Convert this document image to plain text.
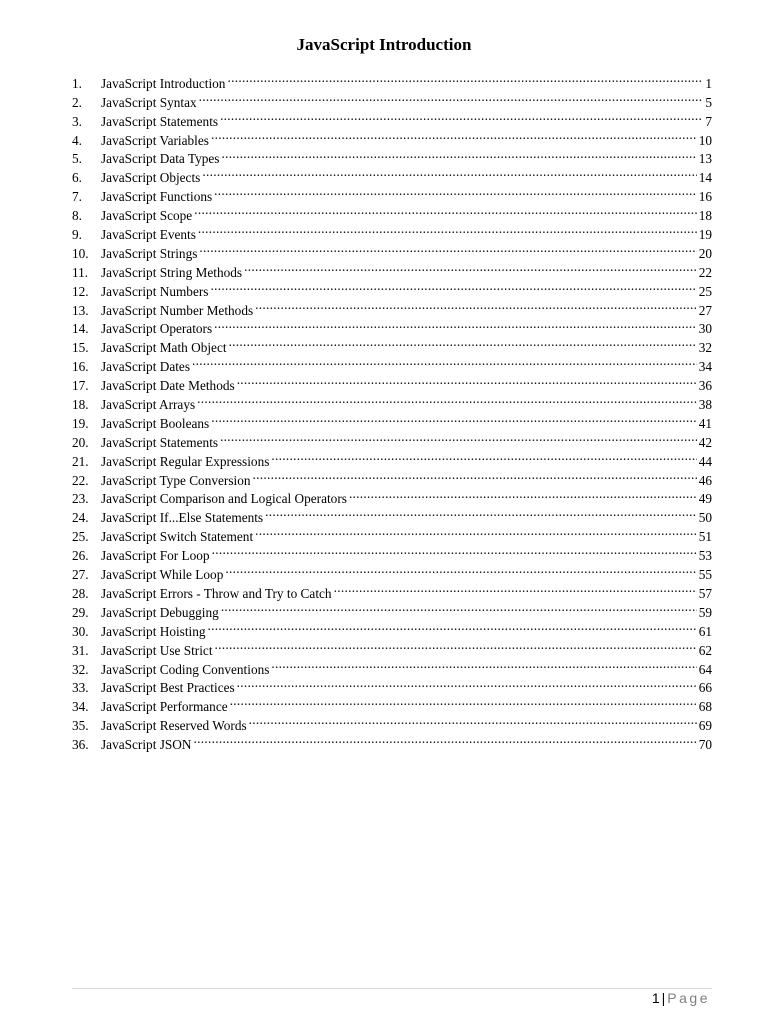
JavaScript Introduction
1.	JavaScript Introduction .....	1
2.	JavaScript Syntax .....	5
3.	JavaScript Statements .....	7
4.	JavaScript Variables .....	10
5.	JavaScript Data Types .....	13
6.	JavaScript Objects .....	14
7.	JavaScript Functions .....	16
8.	JavaScript Scope .....	18
9.	JavaScript Events .....	19
10. JavaScript Strings .....	20
11. JavaScript String Methods .....	22
12. JavaScript Numbers .....	25
13. JavaScript Number Methods .....	27
14. JavaScript Operators .....	30
15. JavaScript Math Object .....	32
16. JavaScript Dates .....	34
17. JavaScript Date Methods .....	36
18. JavaScript Arrays .....	38
19. JavaScript Booleans .....	41
20. JavaScript Statements .....	42
21. JavaScript Regular Expressions .....	44
22. JavaScript Type Conversion .....	46
23. JavaScript Comparison and Logical Operators .....	49
24. JavaScript If...Else Statements .....	50
25. JavaScript Switch Statement .....	51
26. JavaScript For Loop .....	53
27. JavaScript While Loop .....	55
28. JavaScript Errors - Throw and Try to Catch .....	57
29. JavaScript Debugging .....	59
30. JavaScript Hoisting .....	61
31. JavaScript Use Strict .....	62
32. JavaScript Coding Conventions .....	64
33. JavaScript Best Practices .....	66
34. JavaScript Performance .....	68
35. JavaScript Reserved Words .....	69
36. JavaScript JSON .....	70
1 | Page
